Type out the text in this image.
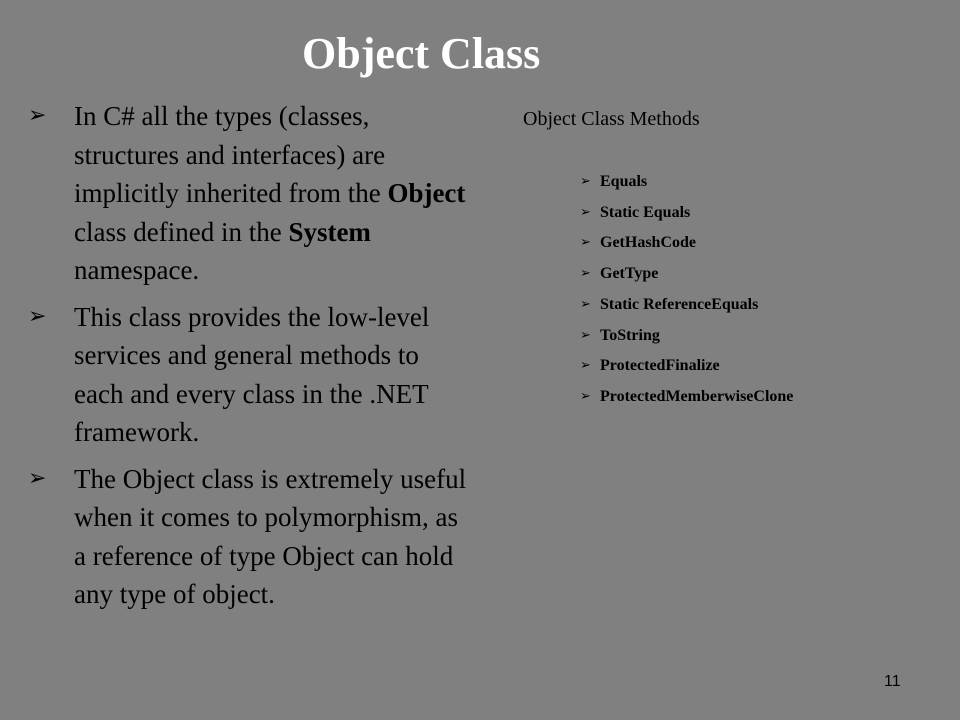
Object Class
➢ In C# all the types (classes, structures and interfaces) are implicitly inherited from the Object class defined in the System namespace.
➢ This class provides the low-level services and general methods to each and every class in the .NET framework.
➢ The Object class is extremely useful when it comes to polymorphism, as a reference of type Object can hold any type of object.
Object Class Methods
➢ Equals
➢ Static Equals
➢ GetHashCode
➢ GetType
➢ Static ReferenceEquals
➢ ToString
➢ ProtectedFinalize
➢ ProtectedMemberwiseClone
11
